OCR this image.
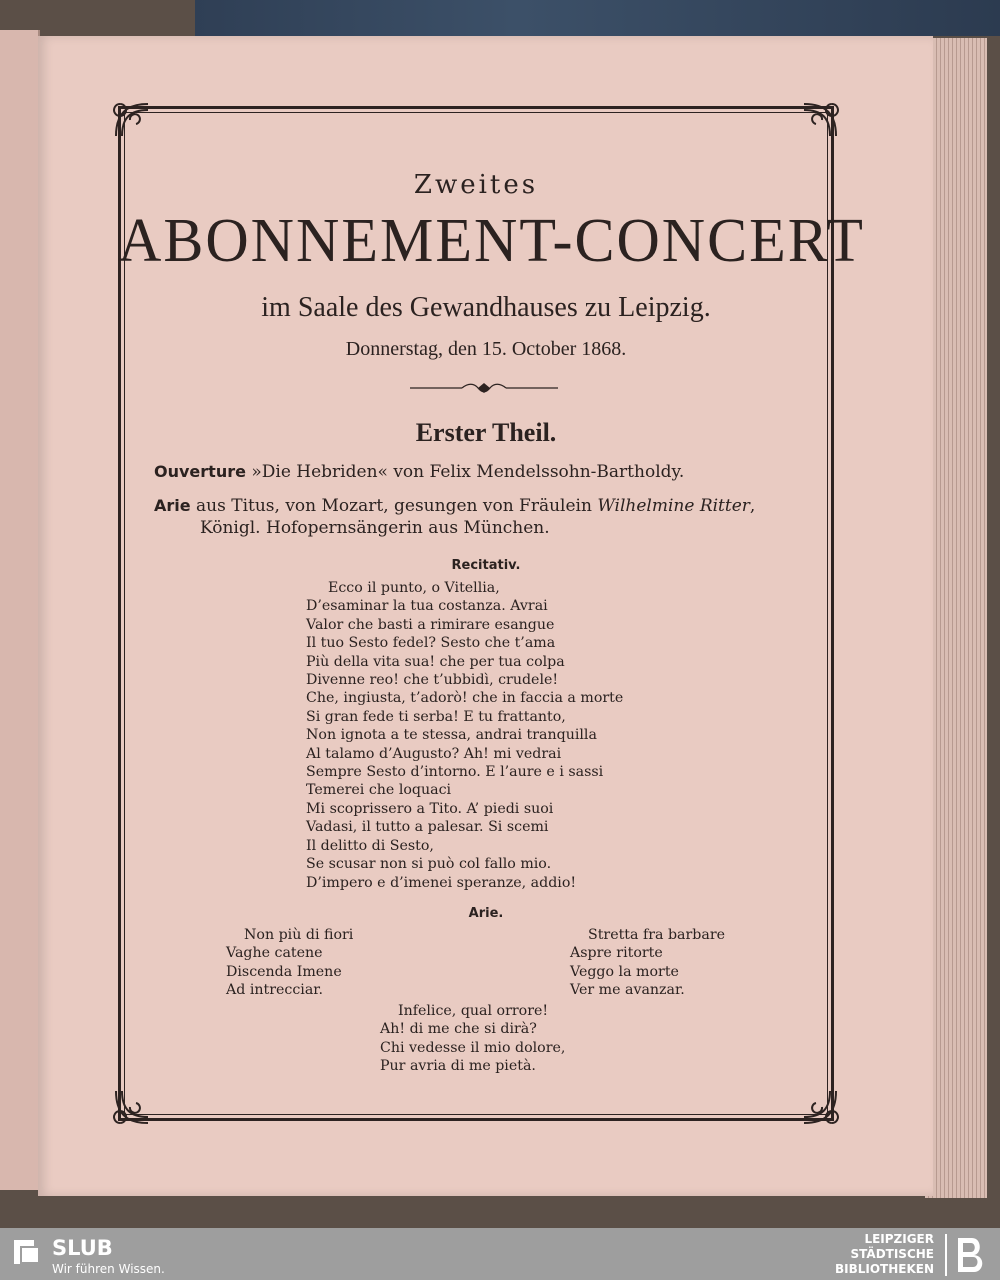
Zweites
ABONNEMENT-CONCERT
im Saale des Gewandhauses zu Leipzig.
Donnerstag, den 15. October 1868.
Erster Theil.
Ouverture »Die Hebriden« von Felix Mendelssohn-Bartholdy.
Arie aus Titus, von Mozart, gesungen von Fräulein Wilhelmine Ritter,
Königl. Hofopernsängerin aus München.
Recitativ.
Ecco il punto, o Vitellia,
D’esaminar la tua costanza. Avrai
Valor che basti a rimirare esangue
Il tuo Sesto fedel? Sesto che t’ama
Più della vita sua! che per tua colpa
Divenne reo! che t’ubbidì, crudele!
Che, ingiusta, t’adorò! che in faccia a morte
Si gran fede ti serba! E tu frattanto,
Non ignota a te stessa, andrai tranquilla
Al talamo d’Augusto? Ah! mi vedrai
Sempre Sesto d’intorno. E l’aure e i sassi
Temerei che loquaci
Mi scoprissero a Tito. A’ piedi suoi
Vadasi, il tutto a palesar. Si scemi
Il delitto di Sesto,
Se scusar non si può col fallo mio.
D’impero e d’imenei speranze, addio!
Arie.
Non più di fiori
Vaghe catene
Discenda Imene
Ad intrecciar.
Stretta fra barbare
Aspre ritorte
Veggo la morte
Ver me avanzar.
Infelice, qual orrore!
Ah! di me che si dirà?
Chi vedesse il mio dolore,
Pur avria di me pietà.
SLUB
Wir führen Wissen.
LEIPZIGER
STÄDTISCHE
BIBLIOTHEKEN
